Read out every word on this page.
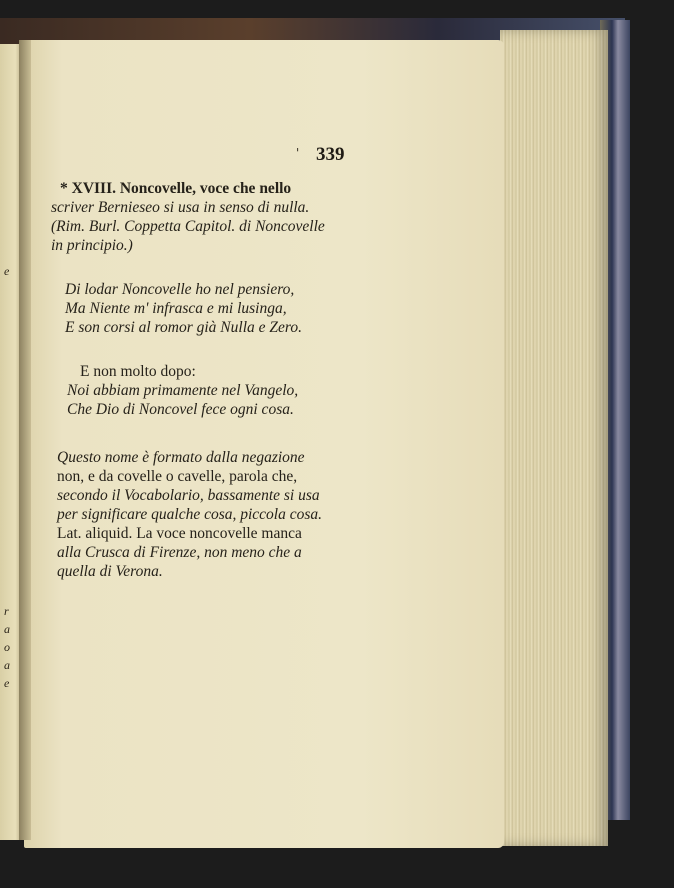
e
r
a
o
a
e
' 339
* XVIII. Noncovelle, voce che nello
scriver Bernieseo si usa in senso di nulla.
(Rim. Burl. Coppetta Capitol. di Noncovelle
in principio.)
Di lodar Noncovelle ho nel pensiero,
Ma Niente m' infrasca e mi lusinga,
E son corsi al romor già Nulla e Zero.
E non molto dopo:
Noi abbiam primamente nel Vangelo,
Che Dio di Noncovel fece ogni cosa.
Questo nome è formato dalla negazione
non, e da covelle o cavelle, parola che,
secondo il Vocabolario, bassamente si usa
per significare qualche cosa, piccola cosa.
Lat. aliquid. La voce noncovelle manca
alla Crusca di Firenze, non meno che a
quella di Verona.
